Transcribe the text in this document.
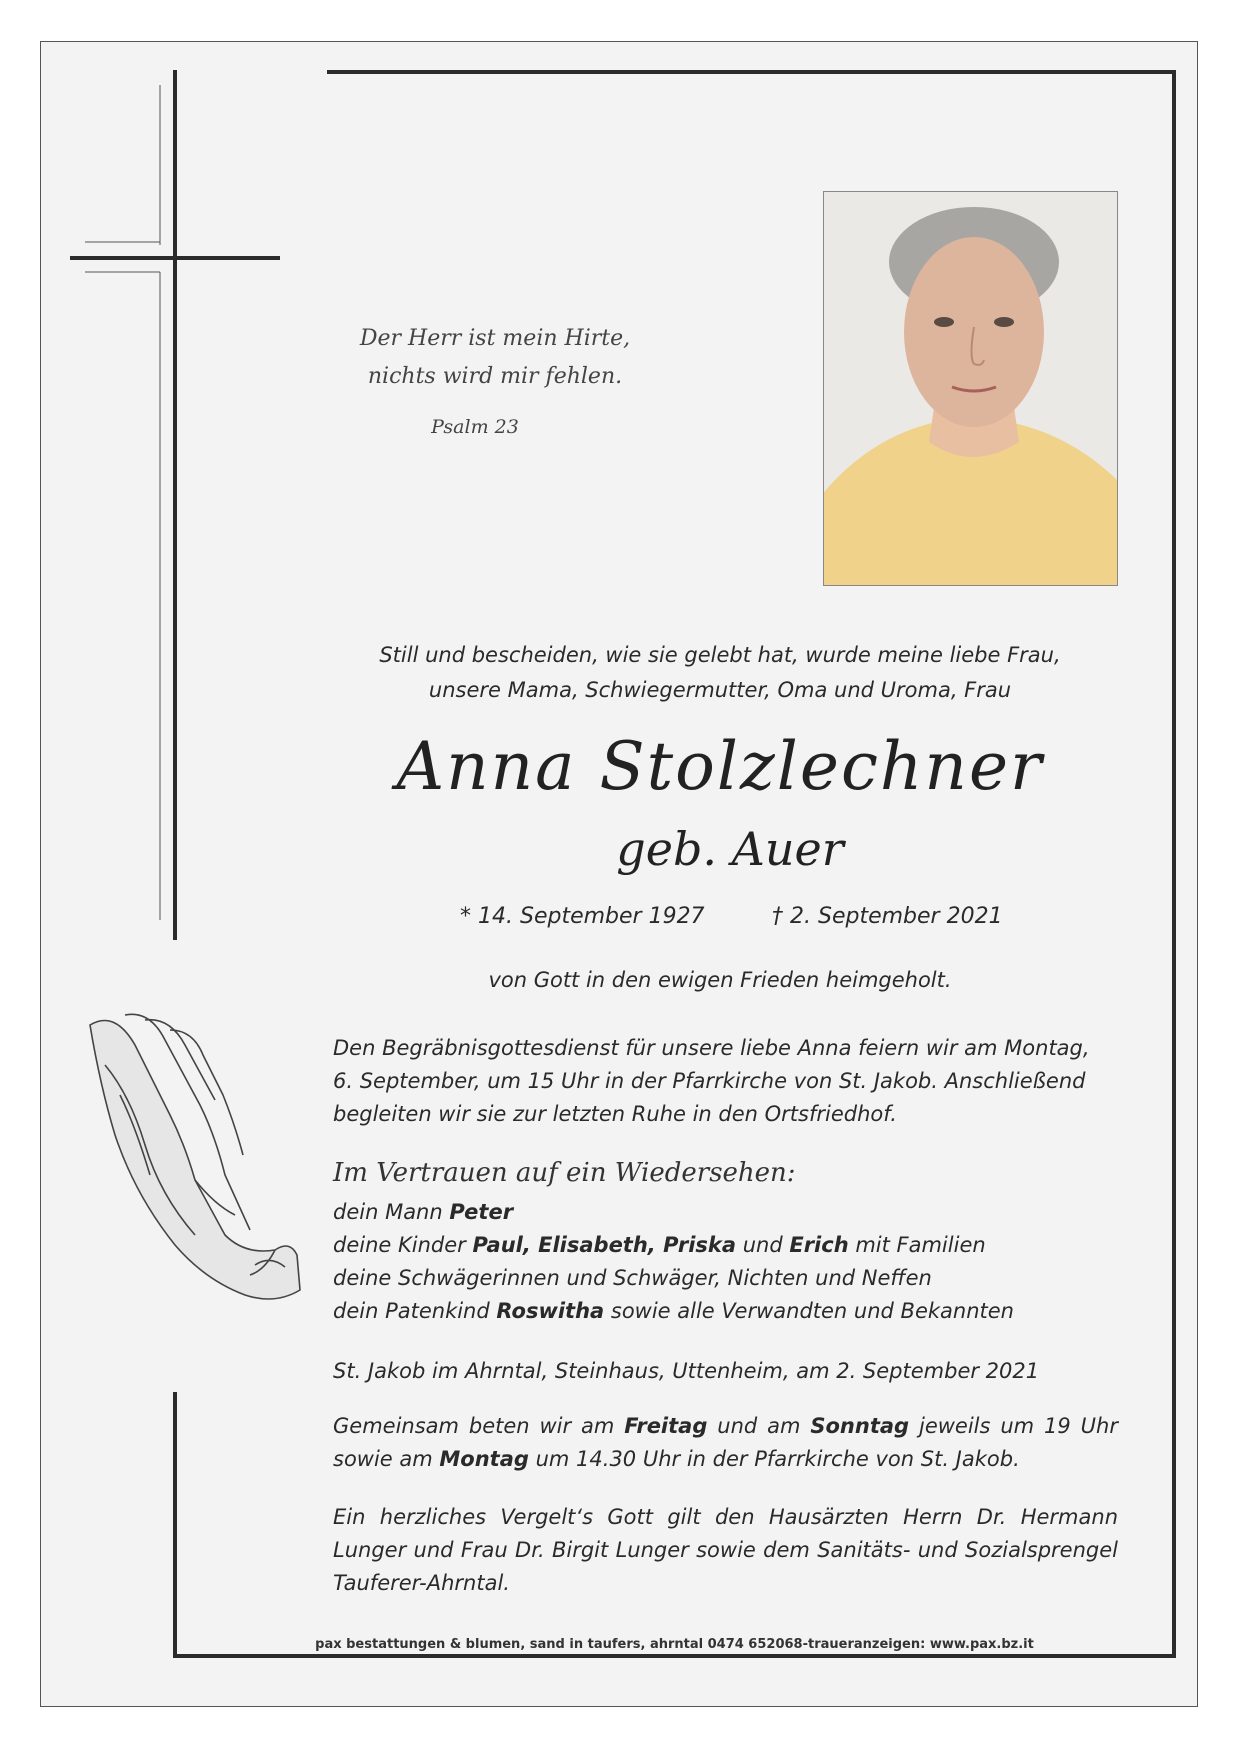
Der Herr ist mein Hirte,
nichts wird mir fehlen.
Psalm 23
Still und bescheiden, wie sie gelebt hat, wurde meine liebe Frau,
unsere Mama, Schwiegermutter, Oma und Uroma, Frau
Anna Stolzlechner
geb. Auer
* 14. September 1927	† 2. September 2021
von Gott in den ewigen Frieden heimgeholt.
Den Begräbnisgottesdienst für unsere liebe Anna feiern wir am Montag,
6. September, um 15 Uhr in der Pfarrkirche von St. Jakob. Anschließend
begleiten wir sie zur letzten Ruhe in den Ortsfriedhof.
Im Vertrauen auf ein Wiedersehen:
dein Mann Peter
deine Kinder Paul, Elisabeth, Priska und Erich mit Familien
deine Schwägerinnen und Schwäger, Nichten und Neffen
dein Patenkind Roswitha sowie alle Verwandten und Bekannten
St. Jakob im Ahrntal, Steinhaus, Uttenheim, am 2. September 2021
Gemeinsam beten wir am Freitag und am Sonntag jeweils um 19 Uhr sowie am Montag um 14.30 Uhr in der Pfarrkirche von St. Jakob.
Ein herzliches Vergelt‘s Gott gilt den Hausärzten Herrn Dr. Hermann Lunger und Frau Dr. Birgit Lunger sowie dem Sanitäts- und Sozialsprengel Tauferer-Ahrntal.
pax bestattungen & blumen, sand in taufers, ahrntal 0474 652068-traueranzeigen: www.pax.bz.it
